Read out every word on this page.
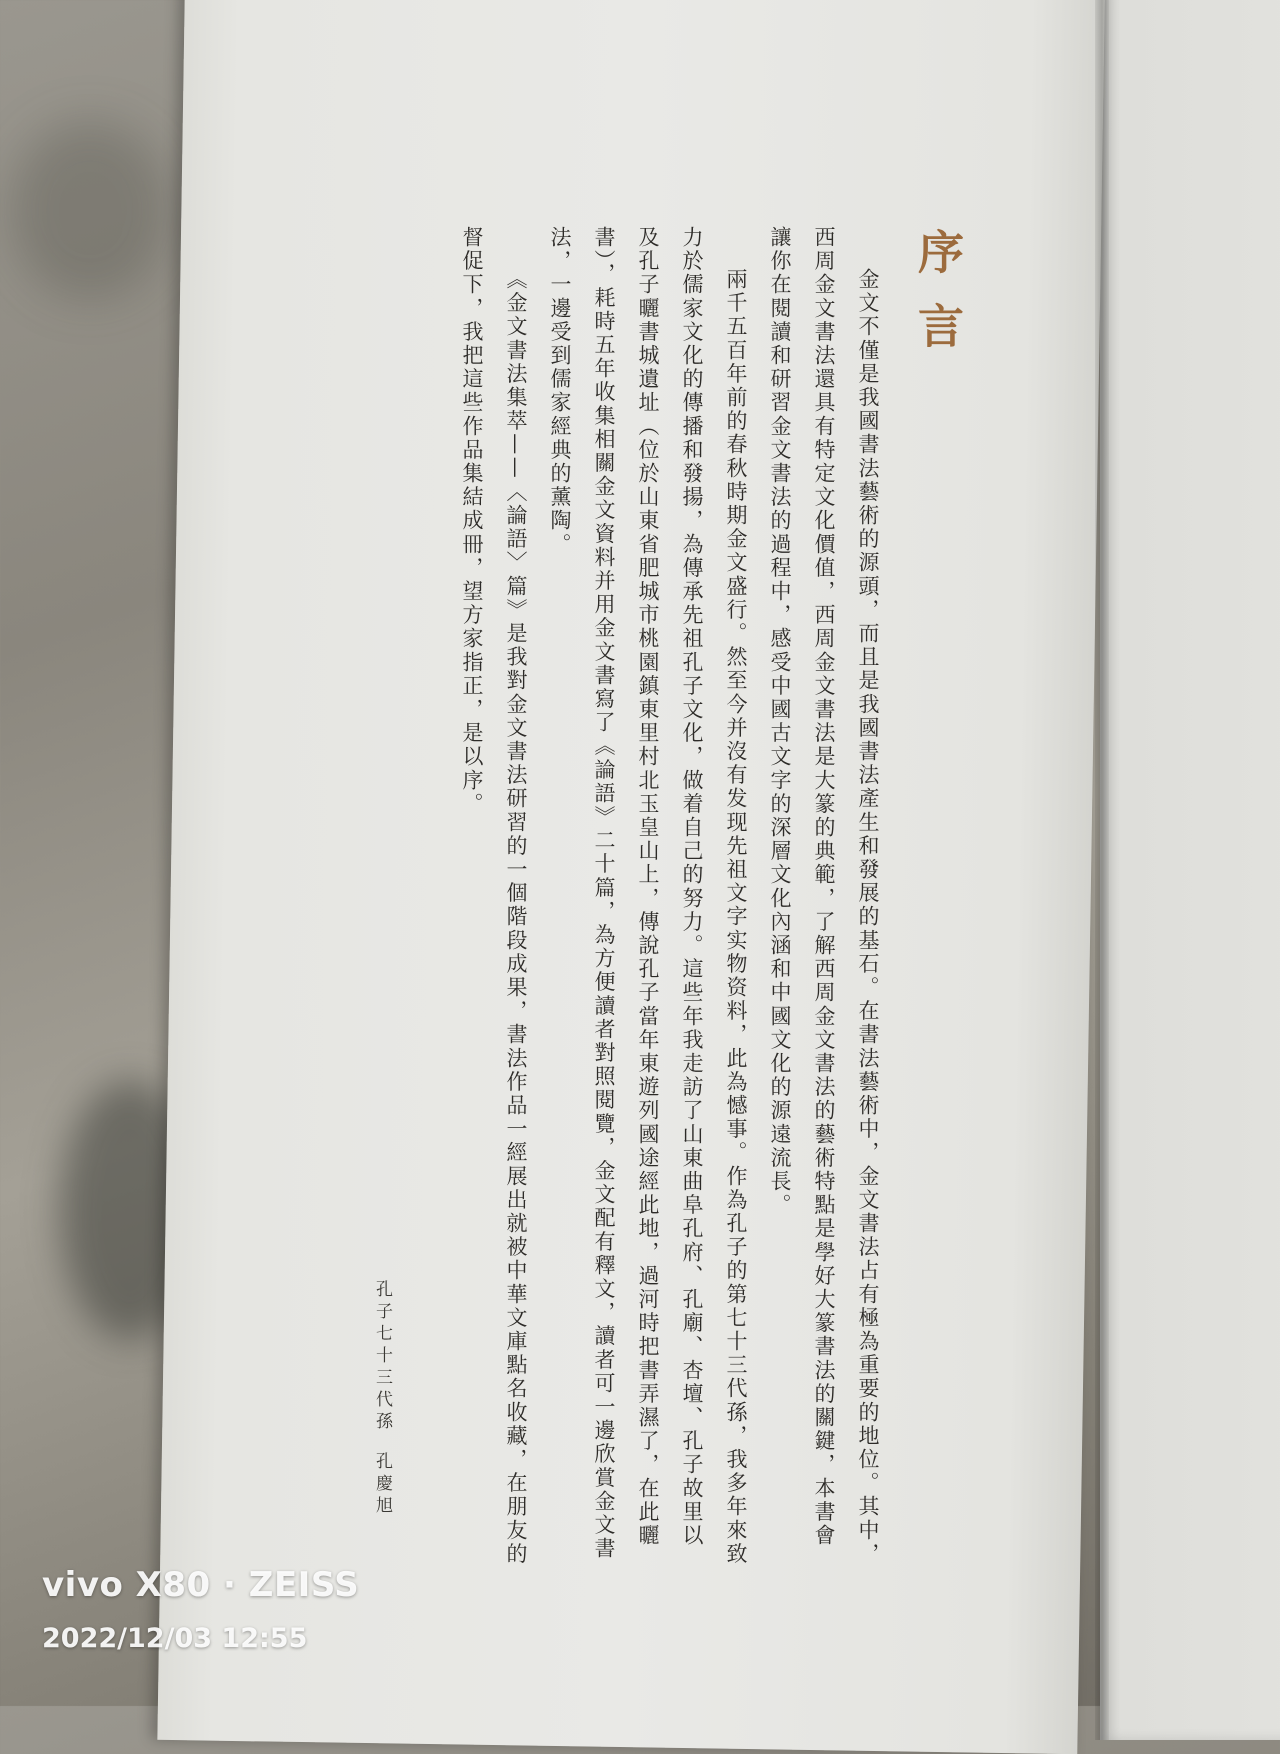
序言

金文不僅是我國書法藝術的源頭，而且是我國書法產生和發展的基石。在書法藝術中，金文書法占有極為重要的地位。其中，西周金文書法還具有特定文化價值，西周金文書法是大篆的典範，了解西周金文書法的藝術特點是學好大篆書法的關鍵，本書會讓你在閱讀和研習金文書法的過程中，感受中國古文字的深層文化內涵和中國文化的源遠流長。

兩千五百年前的春秋時期金文盛行。然至今并沒有发现先祖文字实物资料，此為憾事。作為孔子的第七十三代孫，我多年來致力於儒家文化的傳播和發揚，為傳承先祖孔子文化，做着自己的努力。這些年我走訪了山東曲阜孔府、孔廟、杏壇、孔子故里以及孔子曬書城遺址（位於山東省肥城市桃園鎮東里村北玉皇山上，傳說孔子當年東遊列國途經此地，過河時把書弄濕了，在此曬書），耗時五年收集相關金文資料并用金文書寫了《論語》二十篇，為方便讀者對照閱覽，金文配有釋文，讀者可一邊欣賞金文書法，一邊受到儒家經典的薰陶。

《金文書法集萃——〈論語〉篇》是我對金文書法研習的一個階段成果，書法作品一經展出就被中華文庫點名收藏，在朋友的督促下，我把這些作品集結成冊，望方家指正，是以序。

孔子七十三代孫孔慶旭
vivo X80 · ZEISS
2022/12/03 12:55
